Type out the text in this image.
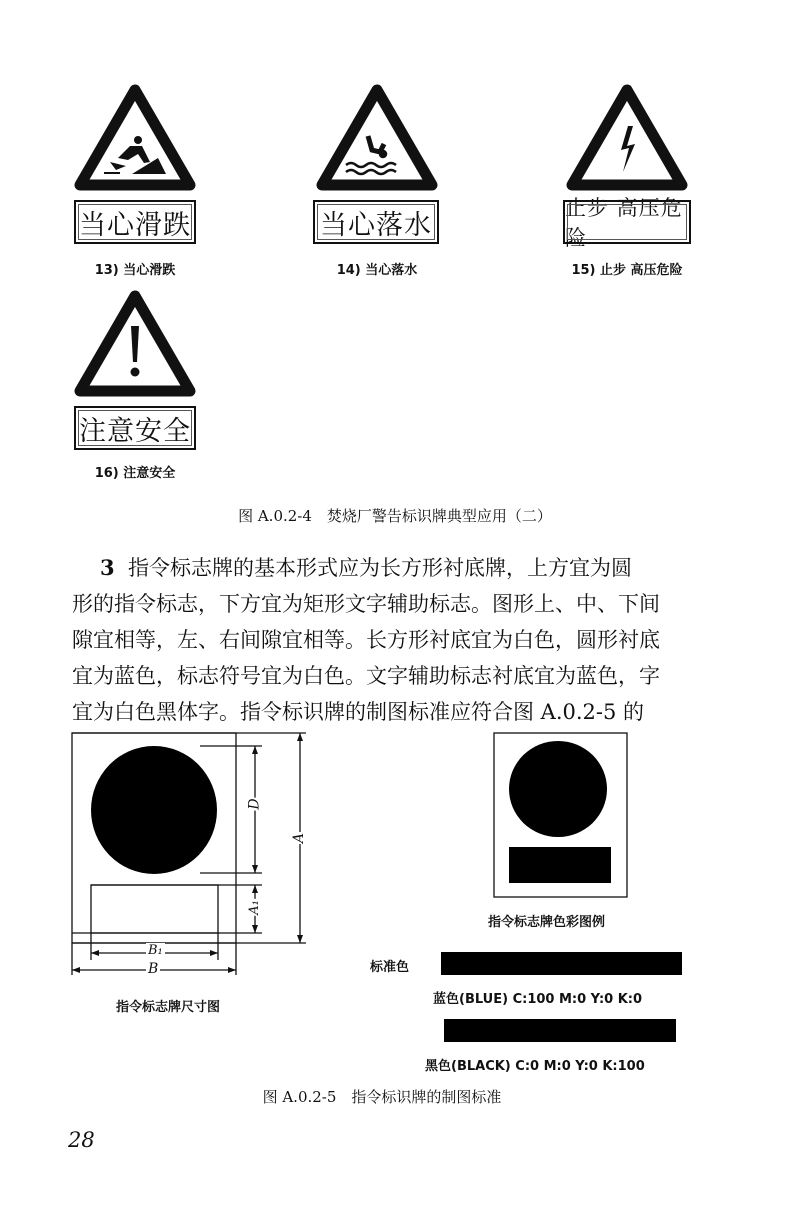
当心滑跌	当心落水
止步 高压危险
注意安全
13) 当心滑跌	14) 当心落水	15) 止步 高压危险
16) 注意安全
图 A.0.2-4　焚烧厂警告标识牌典型应用（二）
3 指令标志牌的基本形式应为长方形衬底牌，上方宜为圆
形的指令标志，下方宜为矩形文字辅助标志。图形上、中、下间
隙宜相等，左、右间隙宜相等。长方形衬底宜为白色，圆形衬底
宜为蓝色，标志符号宜为白色。文字辅助标志衬底宜为蓝色，字
宜为白色黑体字。指令标识牌的制图标准应符合图 A.0.2-5 的
D
A
A₁
B₁
B
指令标志牌尺寸图
指令标志牌色彩图例
标准色
蓝色(BLUE) C:100 M:0 Y:0 K:0
黑色(BLACK) C:0 M:0 Y:0 K:100
图 A.0.2-5　指令标识牌的制图标准
28
